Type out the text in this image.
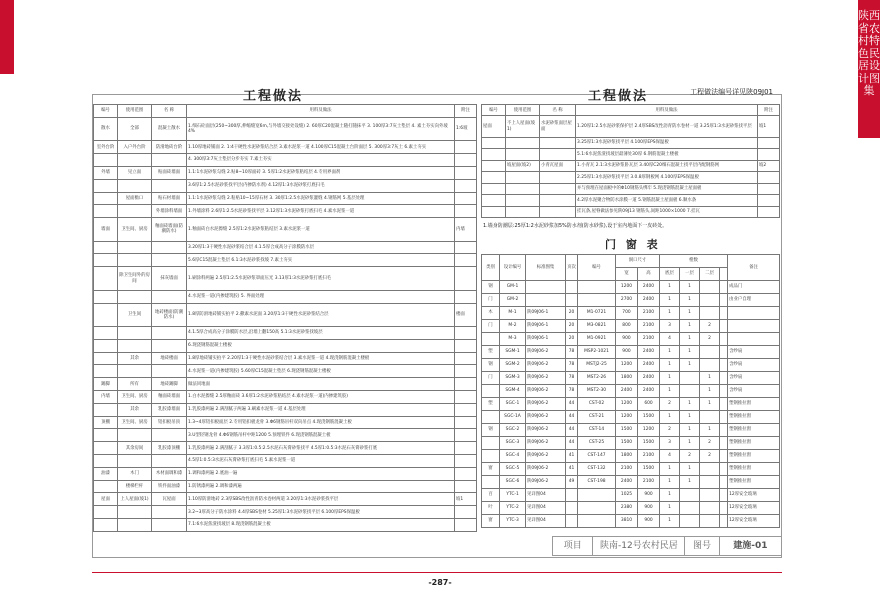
陕西省农村特色民居设计图集
工程做法	工程做法	工程做法编号详见陕09J01
编号	使用范围	名 称	用料及做法	附注
散水	全部	混凝土散水	1.细石砼面层(250~300厚,伸缩缝宽6m,与外墙交接处设缝) 2. 60厚C20混凝土随打随抹平 3. 100厚3:7灰土垫层 4. 素土夯实向外坡4%	1:6坡
室外台阶	入户外台阶	防滑地砖台阶	1.10厚地砖铺面 2. 1:4干硬性水泥砂浆结合层 3.素水泥浆一道 4.100厚C15混凝土台阶面层 5. 300厚3:7灰土 6.素土夯实	
			4. 300厚3:7灰土垫层分步夯实 7.素土夯实	
外墙	见立面	贴面砖墙面	1.1:1水泥砂浆勾缝 2.贴8~10厚面砖 3. 5厚1:2水泥砂浆粘结层 4.专用界面剂	
			3.6厚1:2.5水泥砂浆找平层(内掺防水剂) 4.12厚1:3水泥砂浆打底扫毛	
	屋面檐口	贴石材墙面	1.1:1水泥砂浆勾缝 2.粘贴10~15厚石材 3. 30厚1:2.5水泥砂浆灌缝 4.钢筋网 5.基层处理	
		外墙涂料墙面	1.外墙涂料 2.6厚1:2.5水泥砂浆找平层 3.12厚1:3水泥砂浆打底扫毛 4.素水泥浆一道	
墙面	卫生间、厨房	釉面砖墙面(防潮防水)	1.釉面砖白水泥擦缝 2.5厚1:2水泥砂浆粘结层 3.素水泥浆一道	内墙
			3.20厚1:3干硬性水泥砂浆结合层 4.1.5厚合成高分子涂膜防水层	
			5.6厚C15混凝土垫层 6.1:3水泥砂浆找坡 7.素土夯实	
	除卫生间外的房间	抹灰墙面	1.刷涂料两遍 2.5厚1:2.5水泥砂浆罩面压光 3.13厚1:3水泥砂浆打底扫毛	
			4.水泥浆一道(内掺建筑胶) 5. 界面处理	
	卫生间	地砖楼面(防潮防水)	1.8厚防滑地砖铺实拍平 2.撒素水泥面 3.20厚1:3干硬性水泥砂浆结合层	楼面
			4.1.5厚合成高分子涂膜防水层,沿墙上翻150高 5.1:3水泥砂浆找坡层	
			6.现浇钢筋混凝土楼板	
	其余	地砖楼面	1.8厚地砖铺实拍平 2.20厚1:3干硬性水泥砂浆结合层 3.素水泥浆一道 4.现浇钢筋混凝土楼板	
			4.水泥浆一道(内掺建筑胶) 5.60厚C15混凝土垫层 6.现浇钢筋混凝土楼板	
踢脚	所有	地砖踢脚	做法同地面	
内墙	卫生间、厨房	釉面砖墙面	1.白水泥擦缝 2.5厚釉面砖 3.6厚1:2水泥砂浆粘结层 4.素水泥浆一道(内掺建筑胶)	
	其余	乳胶漆墙面	1.乳胶漆两遍 2.满刮腻子两遍 3.刷素水泥浆一道 4.基层处理	
顶棚	卫生间、厨房	铝扣板吊顶	1.3~4厚铝扣板面层 2.专用铝扣板龙骨 3.Φ6钢筋吊杆双向吊点 4.现浇钢筋混凝土板	
			3.U型轻钢龙骨 4.Φ6钢筋吊杆中距1200 5.预埋铁件 6.现浇钢筋混凝土板	
	其余房间	乳胶漆顶棚	1.乳胶漆两遍 2.满刮腻子 3.3厚1:0.5:2.5水泥石灰膏砂浆找平 4.5厚1:0.5:3水泥石灰膏砂浆打底	
			4.5厚1:0.5:3水泥石灰膏砂浆打底扫毛 5.素水泥浆一道	
油漆	木门	木材面调和漆	1.调和漆两遍 2.底油一遍	
	楼梯栏杆	铁件面油漆	1.防锈漆两遍 2.调和漆两遍	
屋面	上人屋面(坡1)	瓦屋面	1.10厚防滑地砖 2.3厚SBS改性沥青防水卷材两道 3.20厚1:3水泥砂浆找平层	坡1
			3.2~3厚高分子防水涂料 4.4厚SBS卷材 5.25厚1:3水泥砂浆找平层 6.100厚EPS保温板	
			7.1:6水泥焦渣找坡层 8.现浇钢筋混凝土板	
编号	使用范围	名 称	用料及做法	附注
屋面	不上人屋面(坡1)	水泥砂浆面层屋面	1.20厚1:2.5水泥砂浆保护层 2.4厚SBS改性沥青防水卷材一道 3.25厚1:3水泥砂浆找平层	坡1
			3.25厚1:3水泥砂浆找平层 4.100厚EPS保温板	
			5.1:6水泥焦渣找坡层最薄处30厚 6.钢筋混凝土楼板	
	坡屋面(坡2)	小青瓦屋面	1.小青瓦 2.1:3水泥砂浆卧瓦层 3.40厚C20细石混凝土找平层内配钢筋网	坡2
			2.25厚1:3水泥砂浆找平层 3.0.8厚钢板网 4.100厚EPS保温板	
			并与预埋在屋面板中的Φ10钢筋头绑牢 5.现浇钢筋混凝土屋面板	
			4.2厚水泥聚合物防水涂膜一道 5.钢筋混凝土屋面板 6.顺水条	
			挂瓦条,屋脊做法参见陕09J13 钢筋头,间距1000×1000 7.挂瓦	
1.墙身防潮层:25厚1:2水泥砂浆加5%防水剂(防水砂浆),设于室内地面下一皮砖处。
门 窗 表
类别	设计编号	标准图集	页次	编号	洞口尺寸		樘数				备注
					宽	高	底层	一层	二层		
钢	GM-1				1200	2400	1	1			成品门
门	GM-2				2700	2400	1	1			由业户自理
木	M-1	陕09J06-1	20	M1-0721	700	2100	1	1			
门	M-2	陕09J06-1	20	M3-0821	800	2100	3	1	2		
	M-3	陕09J06-1	20	M1-0921	900	2100	4	1	2		
塑	SGM-1	陕09J06-2	78	MSP2-1021	900	2400	1	1			含纱扇
钢	SGM-2	陕09J06-2	78	MSTJ2-25	1200	2400	1	1			含纱扇
门	SGM-3	陕09J06-2	78	MST2-26	1800	2400	1		1		含纱扇
	SGM-4	陕09J06-2	78	MST2-30	2400	2400	1		1		含纱扇
塑	SGC-1	陕09J06-2	44	CST-02	1200	600	2	1	1		塑钢推拉窗
	SGC-1A	陕09J06-2	44	CST-21	1200	1500	1	1			塑钢推拉窗
钢	SGC-2	陕09J06-2	44	CST-14	1500	1200	2	1	1		塑钢推拉窗
	SGC-3	陕09J06-2	44	CST-25	1500	1500	3	1	2		塑钢推拉窗
	SGC-4	陕09J06-2	41	CST-147	1800	2100	4	2	2		塑钢推拉窗
窗	SGC-5	陕09J06-2	41	CST-132	2100	1500	1	1			塑钢推拉窗
	SGC-6	陕09J06-2	49	CST-198	2400	2100	1	1			塑钢推拉窗
百	YTC-1	见详图04			1025	900	1				12厚安全玻璃
叶	YTC-2	见详图04			2380	900	1				12厚安全玻璃
窗	YTC-3	见详图04			3810	900	1				12厚安全玻璃
项目	陕南-12号农村民居	图号	建施-01
-287-
